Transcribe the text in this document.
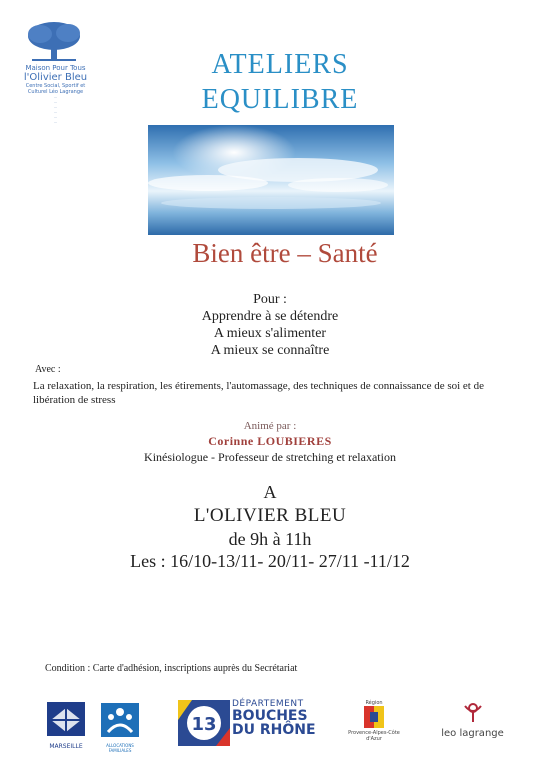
Maison Pour Tous
l'Olivier Bleu
Centre Social, Sportif et
Culturel Léo Lagrange
...
...
...
...
...
...
ATELIERS
EQUILIBRE
Bien être – Santé
Pour :
Apprendre à se détendre
A mieux s'alimenter
A mieux se connaître
Avec :
La relaxation, la respiration, les étirements, l'automassage, des techniques de connaissance de soi et de libération de stress
Animé par :
Corinne LOUBIERES
Kinésiologue - Professeur de stretching et relaxation
A
L'OLIVIER BLEU
de 9h à 11h
Les : 16/10-13/11- 20/11- 27/11 -11/12
Condition : Carte d'adhésion, inscriptions auprès du Secrétariat
MARSEILLE	ALLOCATIONS FAMILIALES
13
DÉPARTEMENT
BOUCHES
DU RHÔNE
Région
Provence-Alpes-Côte d'Azur	leo lagrange
